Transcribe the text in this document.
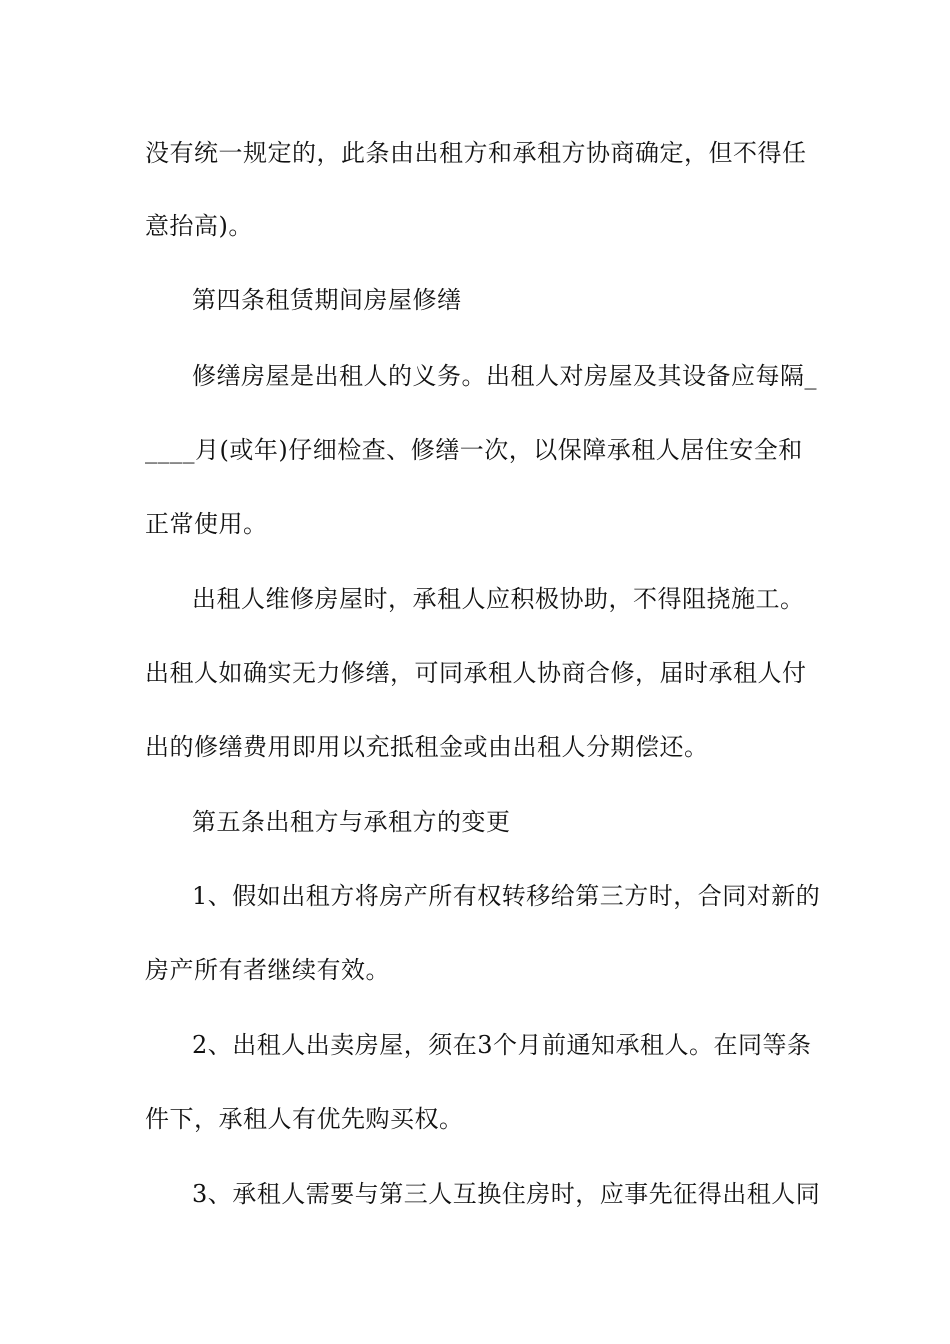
没有统一规定的，此条由出租方和承租方协商确定，但不得任
意抬高)。
第四条租赁期间房屋修缮
修缮房屋是出租人的义务。出租人对房屋及其设备应每隔_
____月(或年)仔细检查、修缮一次，以保障承租人居住安全和
正常使用。
出租人维修房屋时，承租人应积极协助，不得阻挠施工。
出租人如确实无力修缮，可同承租人协商合修，届时承租人付
出的修缮费用即用以充抵租金或由出租人分期偿还。
第五条出租方与承租方的变更
1、假如出租方将房产所有权转移给第三方时，合同对新的
房产所有者继续有效。
2、出租人出卖房屋，须在3个月前通知承租人。在同等条
件下，承租人有优先购买权。
3、承租人需要与第三人互换住房时，应事先征得出租人同
